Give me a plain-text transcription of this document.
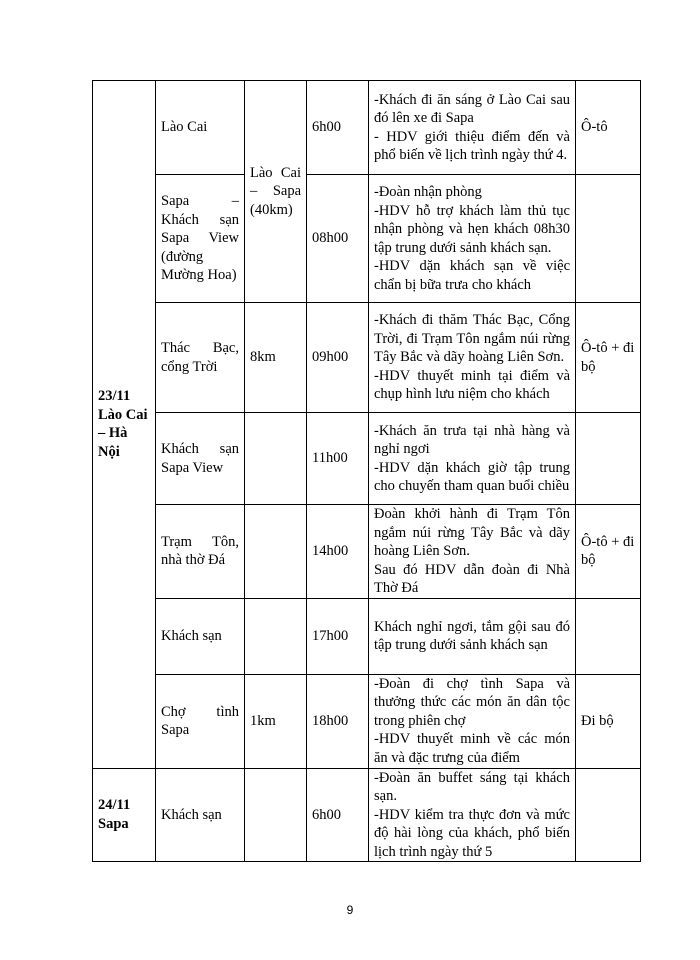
23/11 Lào Cai – Hà Nội	Lào Cai	Lào Cai – Sapa (40km)	6h00	-Khách đi ăn sáng ở Lào Cai sau đó lên xe đi Sapa
- HDV giới thiệu điểm đến và phổ biến về lịch trình ngày thứ 4.	Ô-tô
	Sapa – Khách sạn Sapa View (đường Mường Hoa)		08h00	-Đoàn nhận phòng
-HDV hỗ trợ khách làm thủ tục nhận phòng và hẹn khách 08h30 tập trung dưới sảnh khách sạn.
-HDV dặn khách sạn về việc chẩn bị bữa trưa cho khách	

	Thác Bạc, cổng Trời	8km	09h00	-Khách đi thăm Thác Bạc, Cổng Trời, đi Trạm Tôn ngắm núi rừng Tây Bắc và dãy hoàng Liên Sơn.
-HDV thuyết minh tại điểm và chụp hình lưu niệm cho khách	Ô-tô + đi bộ
	Khách sạn Sapa View		11h00	-Khách ăn trưa tại nhà hàng và nghỉ ngơi
-HDV dặn khách giờ tập trung cho chuyến tham quan buổi chiều	

	Trạm Tôn, nhà thờ Đá		14h00	Đoàn khởi hành đi Trạm Tôn ngắm núi rừng Tây Bắc và dãy hoàng Liên Sơn.
Sau đó HDV dẫn đoàn đi Nhà Thờ Đá	Ô-tô + đi bộ
	Khách sạn		17h00	Khách nghỉ ngơi, tắm gội sau đó tập trung dưới sảnh khách sạn	

	Chợ tình Sapa	1km	18h00	-Đoàn đi chợ tình Sapa và thưởng thức các món ăn dân tộc trong phiên chợ
-HDV thuyết minh về các món ăn và đặc trưng của điểm	Đi bộ
24/11 Sapa	Khách sạn		6h00	-Đoàn ăn buffet sáng tại khách sạn.
-HDV kiểm tra thực đơn và mức độ hài lòng của khách, phổ biến lịch trình ngày thứ 5	

9
